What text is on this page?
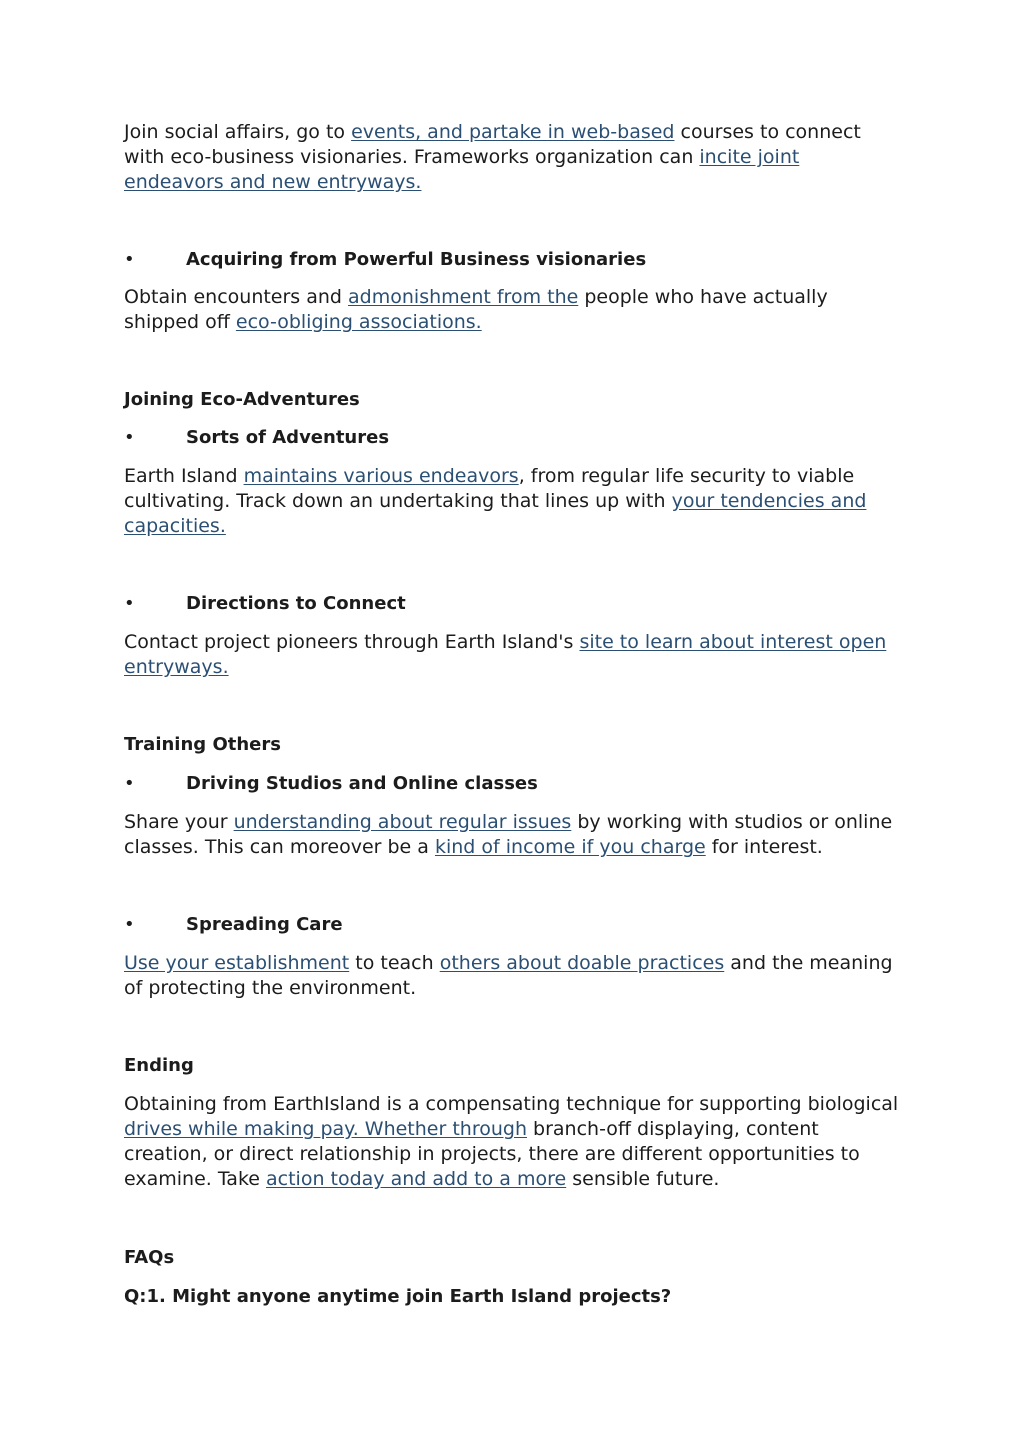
Join social affairs, go to events, and partake in web-based courses to connect with eco-business visionaries. Frameworks organization can incite joint endeavors and new entryways.

•	Acquiring from Powerful Business visionaries

Obtain encounters and admonishment from the people who have actually shipped off eco-obliging associations.

Joining Eco-Adventures
•	Sorts of Adventures

Earth Island maintains various endeavors, from regular life security to viable cultivating. Track down an undertaking that lines up with your tendencies and capacities.

•	Directions to Connect

Contact project pioneers through Earth Island's site to learn about interest open entryways.

Training Others
•	Driving Studios and Online classes

Share your understanding about regular issues by working with studios or online classes. This can moreover be a kind of income if you charge for interest.

•	Spreading Care

Use your establishment to teach others about doable practices and the meaning of protecting the environment.

Ending

Obtaining from EarthIsland is a compensating technique for supporting biological drives while making pay. Whether through branch-off displaying, content creation, or direct relationship in projects, there are different opportunities to examine. Take action today and add to a more sensible future.

FAQs
Q:1. Might anyone anytime join Earth Island projects?
